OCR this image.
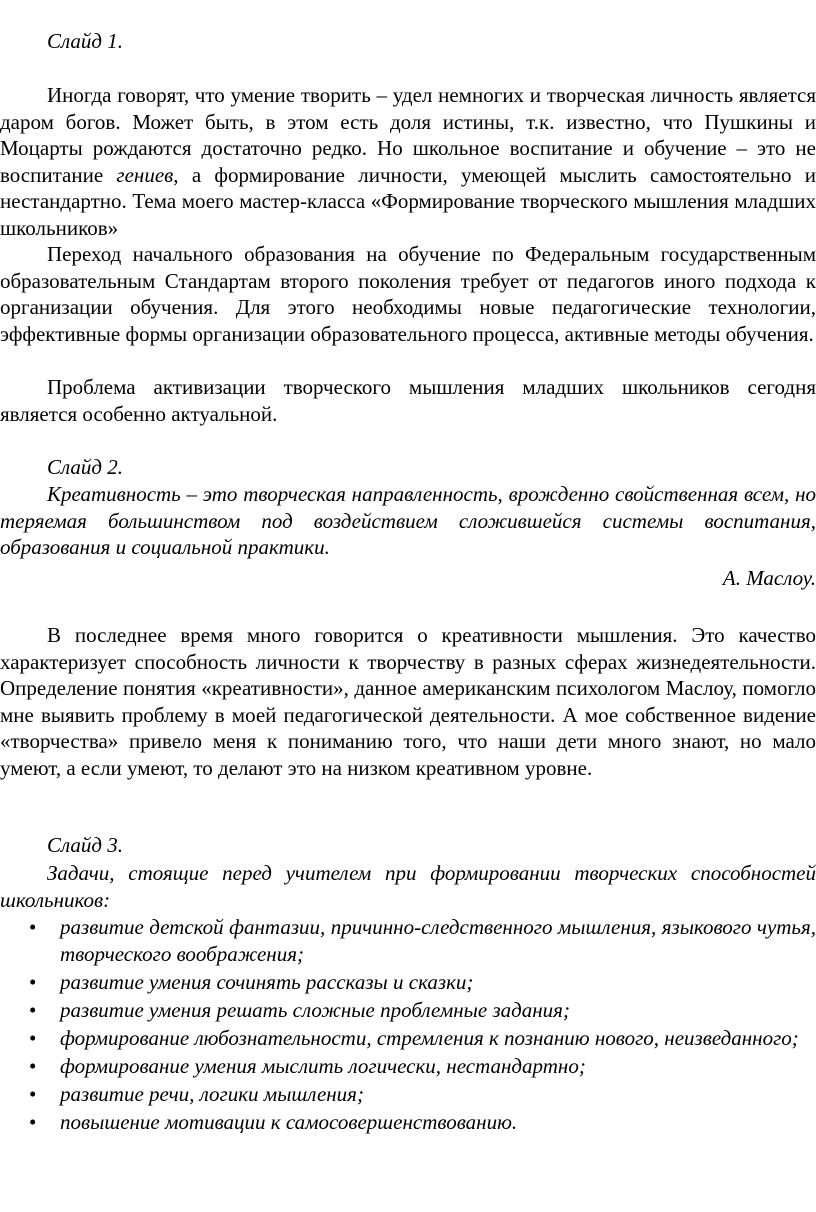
Слайд 1.

Иногда говорят, что умение творить – удел немногих и творческая личность является даром богов. Может быть, в этом есть доля истины, т.к. известно, что Пушкины и Моцарты рождаются достаточно редко. Но школьное воспитание и обучение – это не воспитание гениев, а формирование личности, умеющей мыслить самостоятельно и нестандартно. Тема моего мастер-класса «Формирование творческого мышления младших школьников»

Переход начального образования на обучение по Федеральным государственным образовательным Стандартам второго поколения требует от педагогов иного подхода к организации обучения. Для этого необходимы новые педагогические технологии, эффективные формы организации образовательного процесса, активные методы обучения.

Проблема активизации творческого мышления младших школьников сегодня является особенно актуальной.

Слайд 2.

Креативность – это творческая направленность, врожденно свойственная всем, но теряемая большинством под воздействием сложившейся системы воспитания, образования и социальной практики.

А. Маслоу.

В последнее время много говорится о креативности мышления. Это качество характеризует способность личности к творчеству в разных сферах жизнедеятельности. Определение понятия «креативности», данное американским психологом Маслоу, помогло мне выявить проблему в моей педагогической деятельности. А мое собственное видение «творчества» привело меня к пониманию того, что наши дети много знают, но мало умеют, а если умеют, то делают это на низком креативном уровне.

Слайд 3.

Задачи, стоящие перед учителем при формировании творческих способностей школьников:

• развитие детской фантазии, причинно-следственного мышления, языкового чутья, творческого воображения;
• развитие умения сочинять рассказы и сказки;
• развитие умения решать сложные проблемные задания;
• формирование любознательности, стремления к познанию нового, неизведанного;
• формирование умения мыслить логически, нестандартно;
• развитие речи, логики мышления;
• повышение мотивации к самосовершенствованию.
